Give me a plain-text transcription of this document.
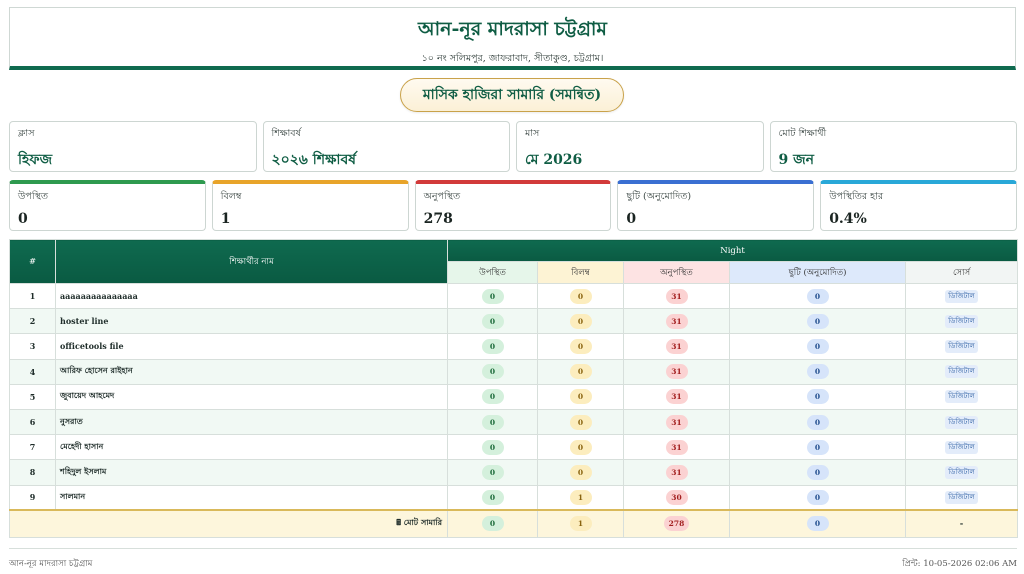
আন-নূর মাদরাসা চট্টগ্রাম
১০ নং সলিমপুর, জাফরাবাদ, সীতাকুণ্ড, চট্টগ্রাম।
মাসিক হাজিরা সামারি (সমন্বিত)
ক্লাস
হিফজ
শিক্ষাবর্ষ
২০২৬ শিক্ষাবর্ষ
মাস
মে 2026
মোট শিক্ষার্থী
9 জন
উপস্থিত
0
বিলম্ব
1
অনুপস্থিত
278
ছুটি (অনুমোদিত)
0
উপস্থিতির হার
0.4%
#	শিক্ষার্থীর নাম	Night				
		উপস্থিত	বিলম্ব	অনুপস্থিত	ছুটি (অনুমোদিত)	সোর্স
1	aaaaaaaaaaaaaaa	0	0	31	0	ডিজিটাল
2	hoster line	0	0	31	0	ডিজিটাল
3	officetools file	0	0	31	0	ডিজিটাল
4	আরিফ হোসেন রাইহান	0	0	31	0	ডিজিটাল
5	জুবায়েদ আহমেদ	0	0	31	0	ডিজিটাল
6	নুসরাত	0	0	31	0	ডিজিটাল
7	মেহেদী হাসান	0	0	31	0	ডিজিটাল
8	শহিদুল ইসলাম	0	0	31	0	ডিজিটাল
9	সালমান	0	1	30	0	ডিজিটাল
🖩 মোট সামারি		0	1	278	0	-
আন-নূর মাদরাসা চট্টগ্রাম	প্রিন্ট: 10-05-2026 02:06 AM
